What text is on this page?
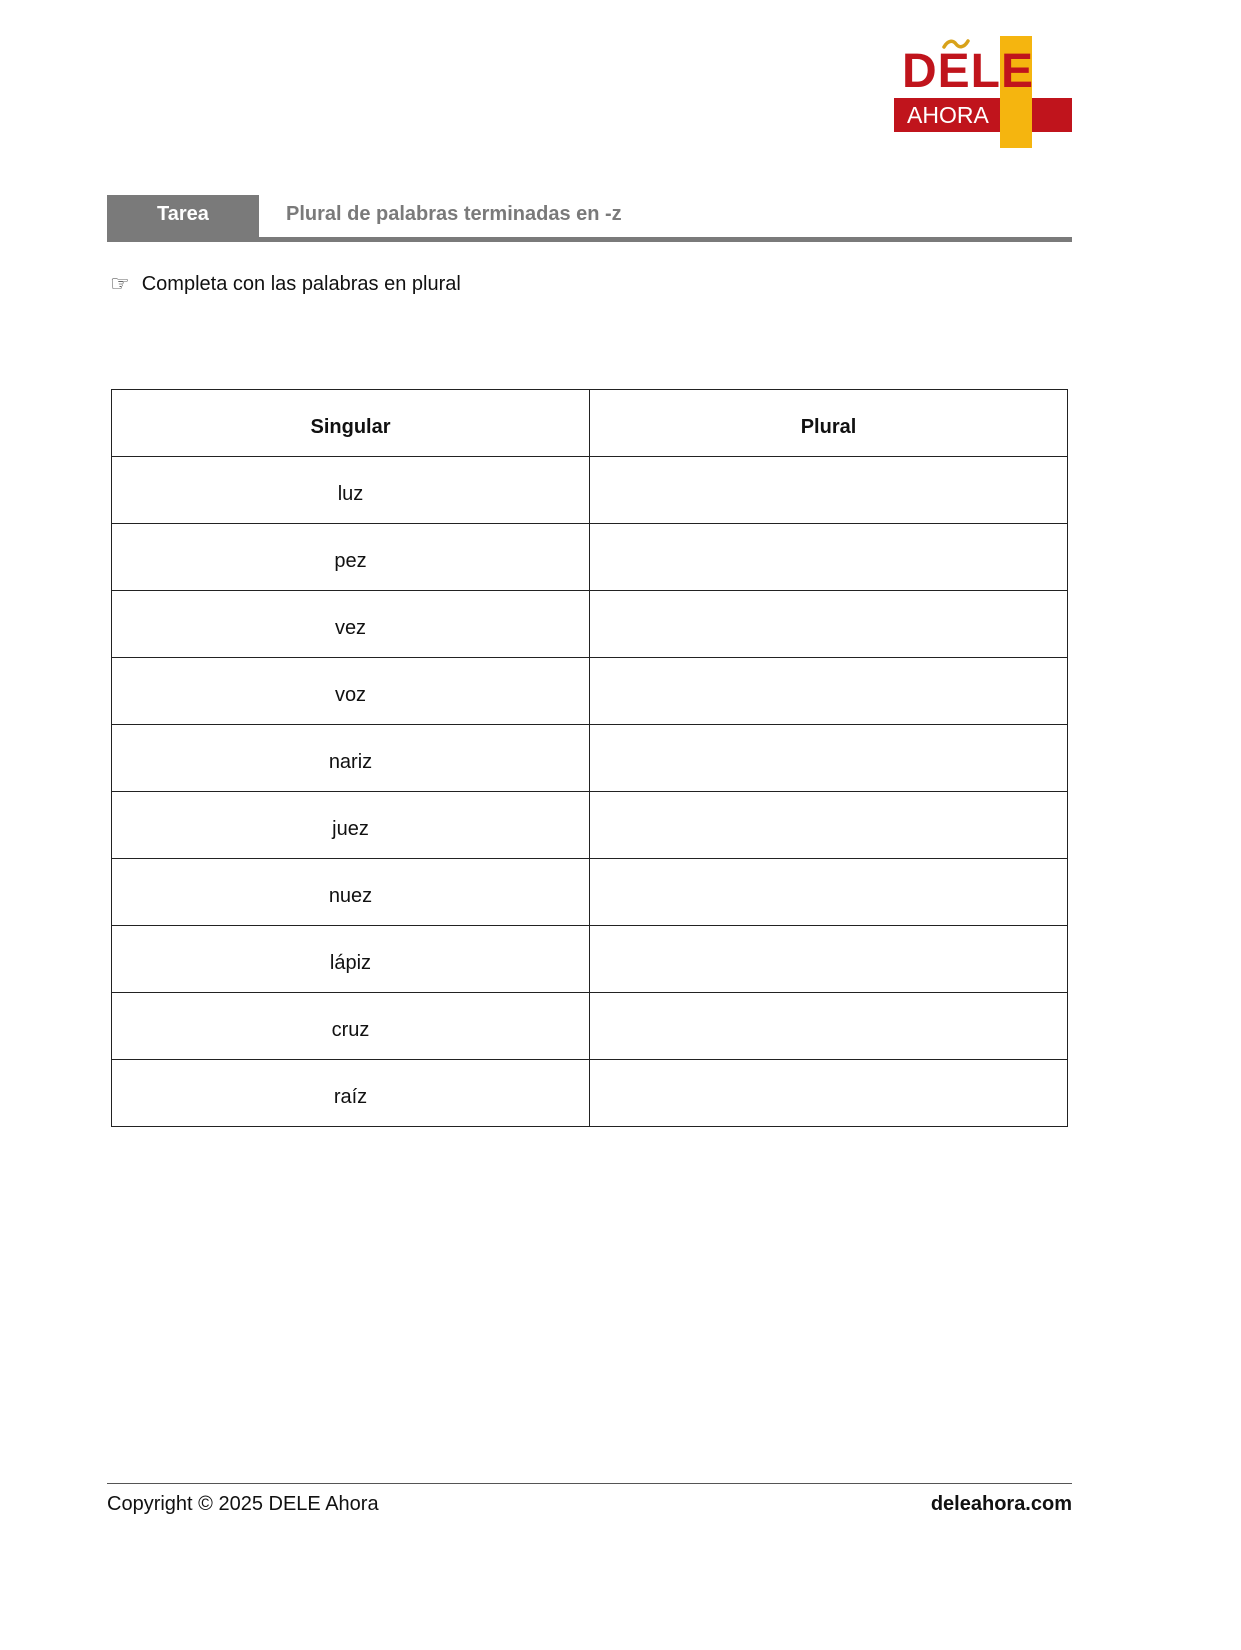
DELE
AHORA
Tarea	Plural de palabras terminadas en -z
☞ Completa con las palabras en plural
Singular	Plural
luz	
pez	
vez	
voz	
nariz	
juez	
nuez	
lápiz	
cruz	
raíz	
Copyright © 2025 DELE Ahora	deleahora.com
